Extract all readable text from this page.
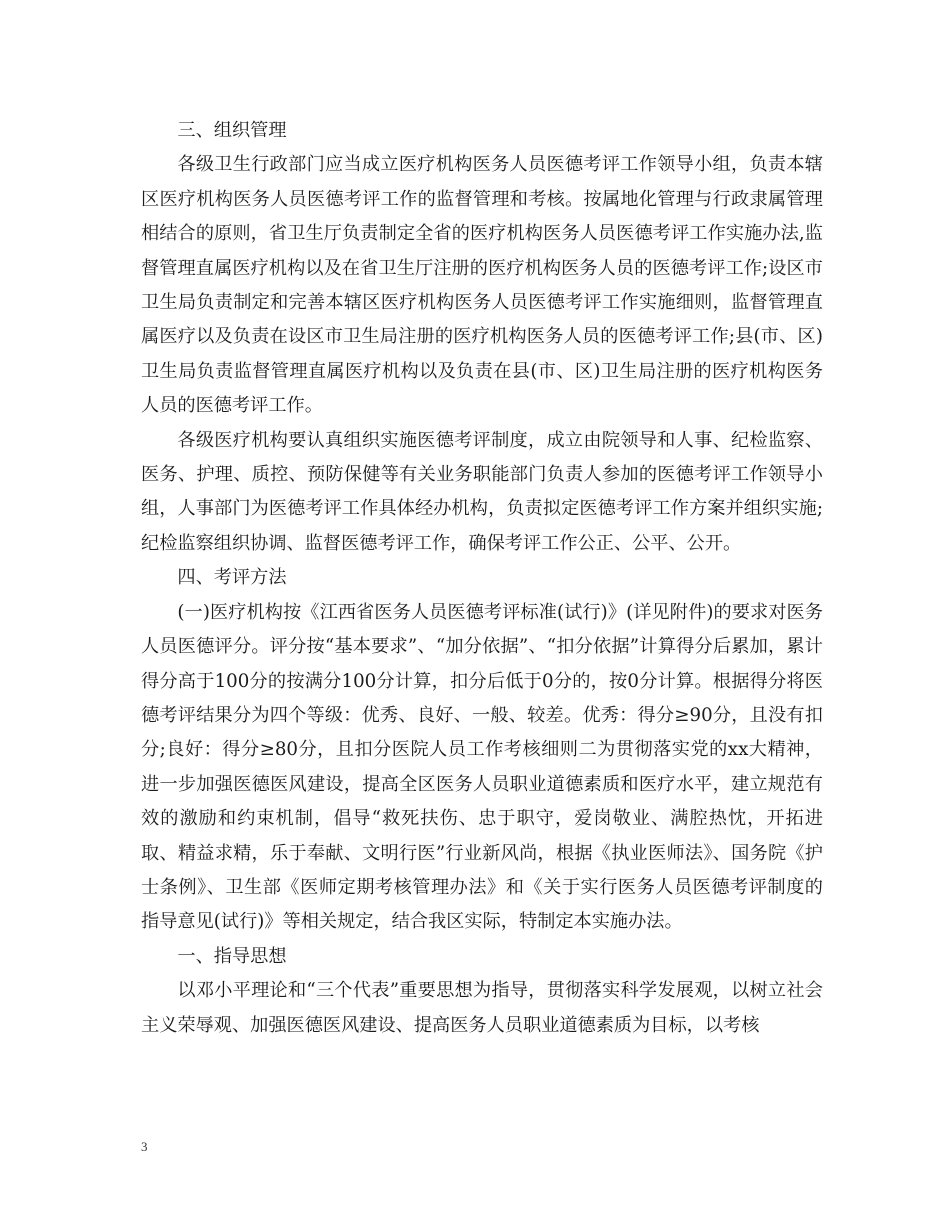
三、组织管理

各级卫生行政部门应当成立医疗机构医务人员医德考评工作领导小组，负责本辖区医疗机构医务人员医德考评工作的监督管理和考核。按属地化管理与行政隶属管理相结合的原则，省卫生厅负责制定全省的医疗机构医务人员医德考评工作实施办法,监督管理直属医疗机构以及在省卫生厅注册的医疗机构医务人员的医德考评工作;设区市卫生局负责制定和完善本辖区医疗机构医务人员医德考评工作实施细则，监督管理直属医疗以及负责在设区市卫生局注册的医疗机构医务人员的医德考评工作;县(市、区)卫生局负责监督管理直属医疗机构以及负责在县(市、区)卫生局注册的医疗机构医务人员的医德考评工作。

各级医疗机构要认真组织实施医德考评制度，成立由院领导和人事、纪检监察、医务、护理、质控、预防保健等有关业务职能部门负责人参加的医德考评工作领导小组，人事部门为医德考评工作具体经办机构，负责拟定医德考评工作方案并组织实施;纪检监察组织协调、监督医德考评工作，确保考评工作公正、公平、公开。

四、考评方法

(一)医疗机构按《江西省医务人员医德考评标准(试行)》(详见附件)的要求对医务人员医德评分。评分按“基本要求”、“加分依据”、“扣分依据”计算得分后累加，累计得分高于100分的按满分100分计算，扣分后低于0分的，按0分计算。根据得分将医德考评结果分为四个等级：优秀、良好、一般、较差。优秀：得分≥90分，且没有扣分;良好：得分≥80分，且扣分医院人员工作考核细则二为贯彻落实党的xx大精神，进一步加强医德医风建设，提高全区医务人员职业道德素质和医疗水平，建立规范有效的激励和约束机制，倡导“救死扶伤、忠于职守，爱岗敬业、满腔热忱，开拓进取、精益求精，乐于奉献、文明行医”行业新风尚，根据《执业医师法》、国务院《护士条例》、卫生部《医师定期考核管理办法》和《关于实行医务人员医德考评制度的指导意见(试行)》等相关规定，结合我区实际，特制定本实施办法。

一、指导思想

以邓小平理论和“三个代表”重要思想为指导，贯彻落实科学发展观，以树立社会主义荣辱观、加强医德医风建设、提高医务人员职业道德素质为目标，以考核

3
